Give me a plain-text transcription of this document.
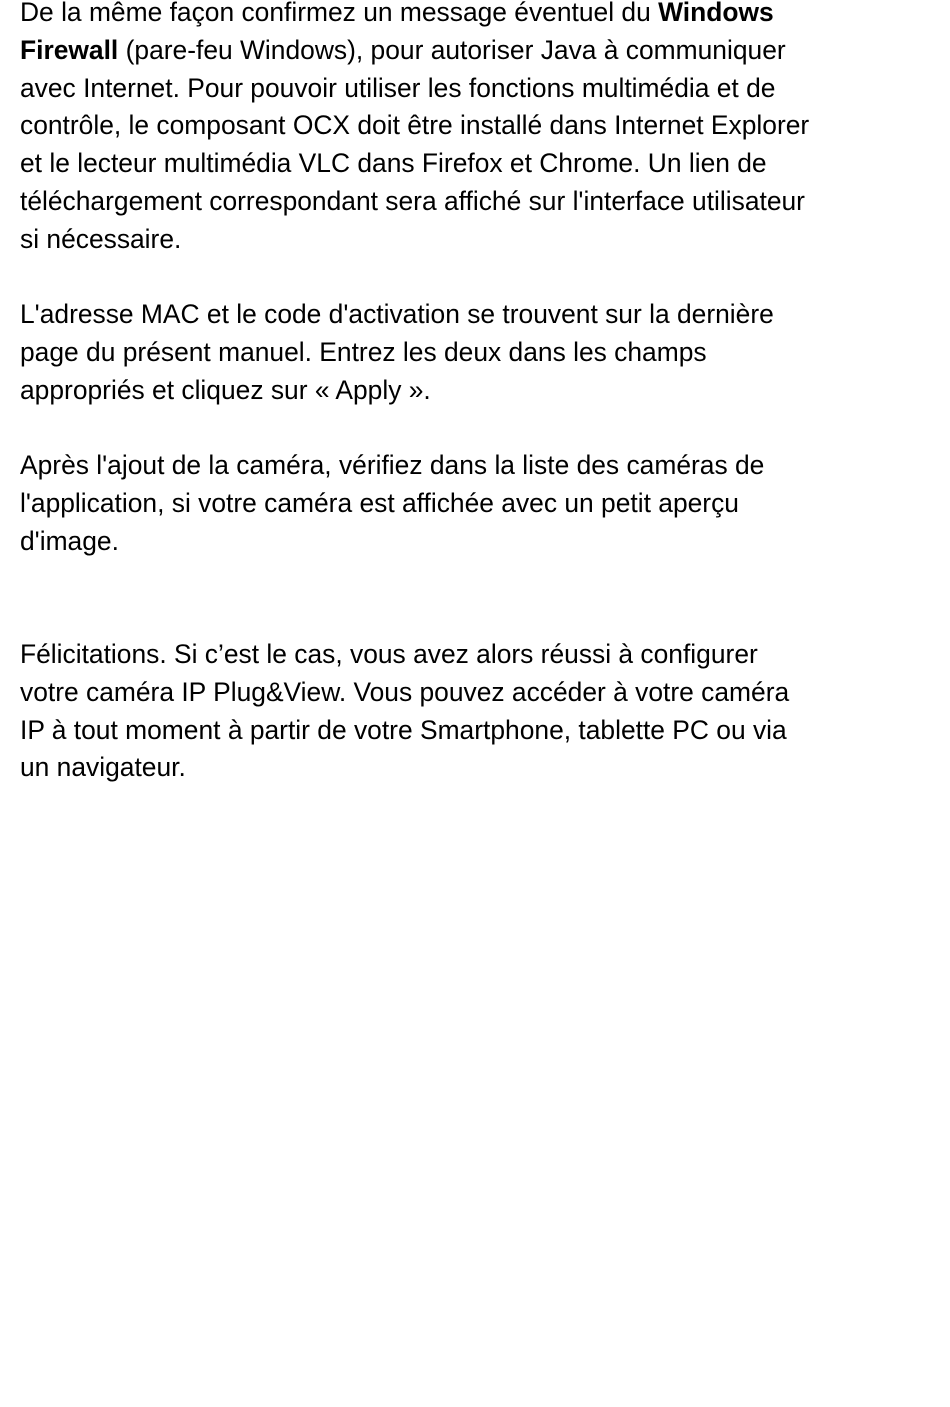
De la même façon confirmez un message éventuel du Windows
Firewall (pare-feu Windows), pour autoriser Java à communiquer
avec Internet. Pour pouvoir utiliser les fonctions multimédia et de
contrôle, le composant OCX doit être installé dans Internet Explorer
et le lecteur multimédia VLC dans Firefox et Chrome. Un lien de
téléchargement correspondant sera affiché sur l'interface utilisateur
si nécessaire.

L'adresse MAC et le code d'activation se trouvent sur la dernière
page du présent manuel. Entrez les deux dans les champs
appropriés et cliquez sur « Apply ».

Après l'ajout de la caméra, vérifiez dans la liste des caméras de
l'application, si votre caméra est affichée avec un petit aperçu
d'image.

Félicitations. Si c’est le cas, vous avez alors réussi à configurer
votre caméra IP Plug&View. Vous pouvez accéder à votre caméra
IP à tout moment à partir de votre Smartphone, tablette PC ou via
un navigateur.
